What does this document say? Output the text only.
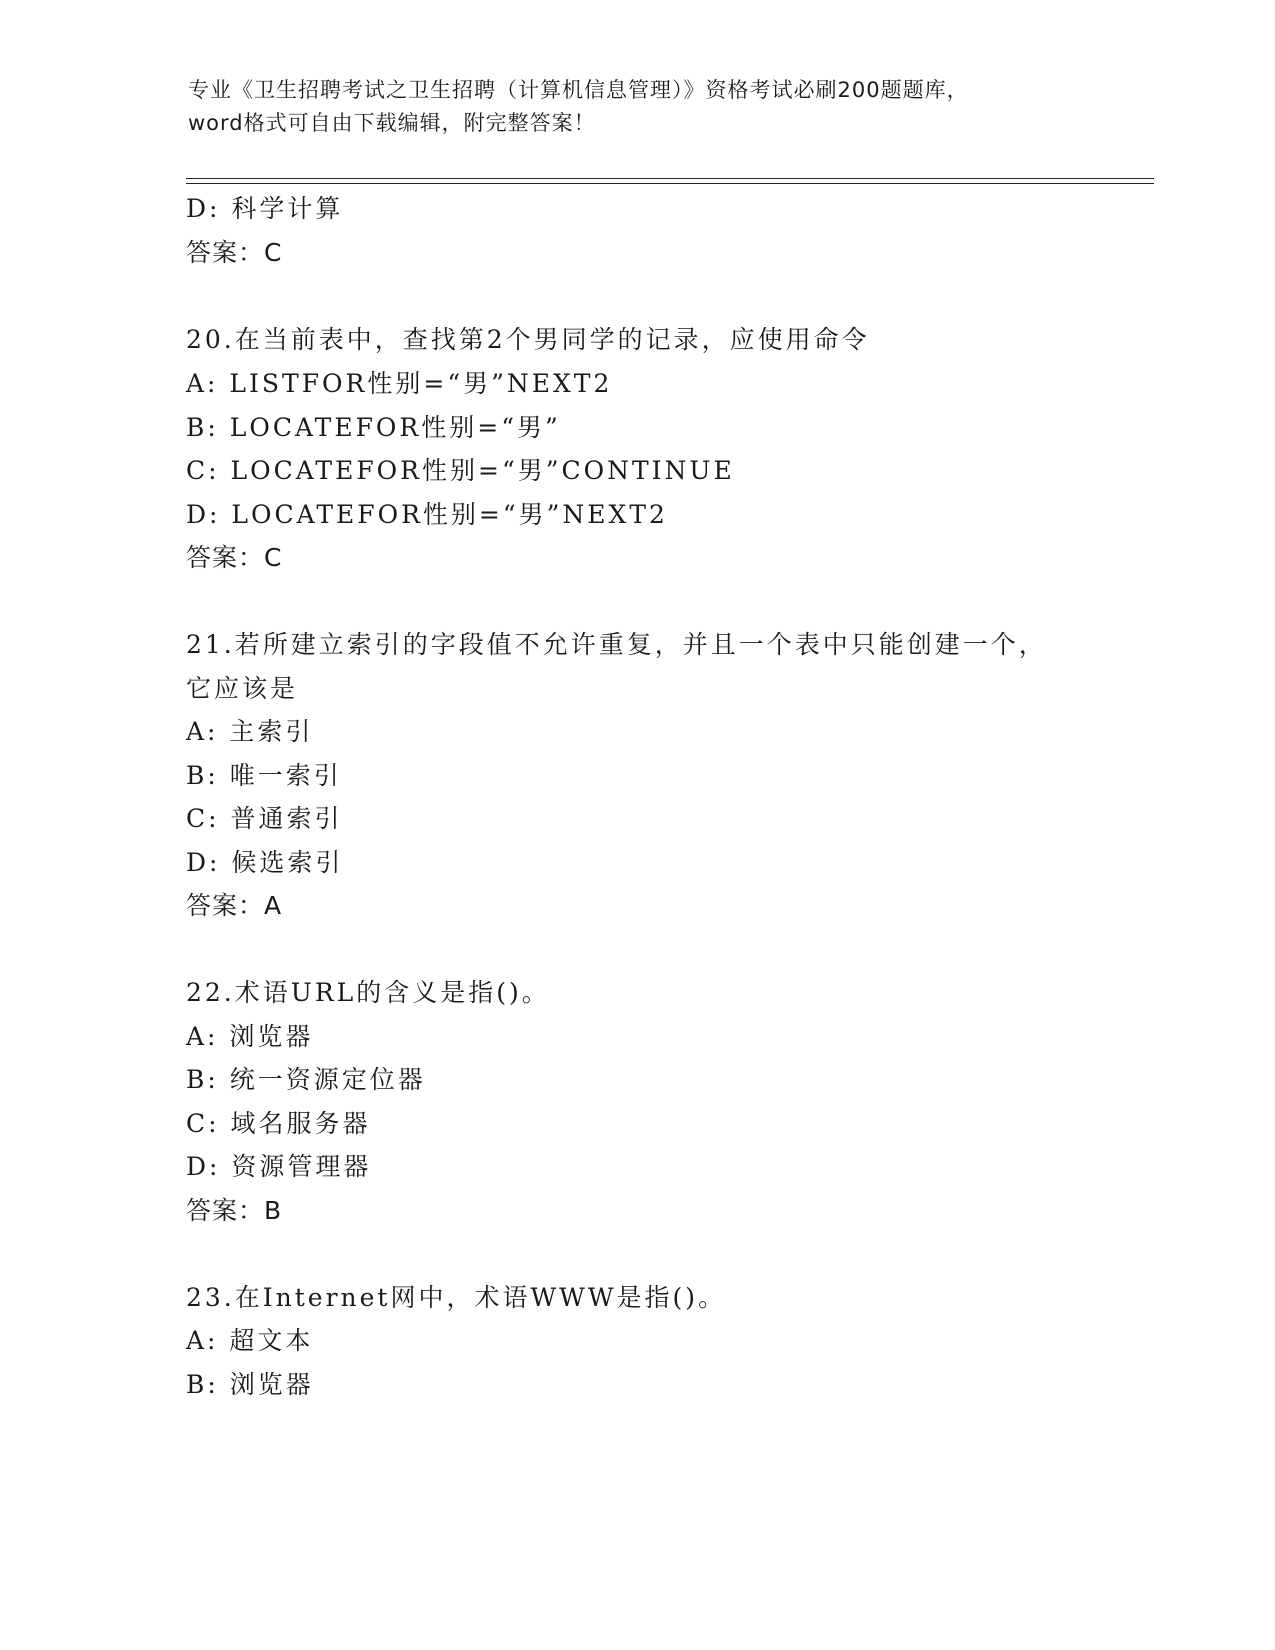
专业《卫生招聘考试之卫生招聘（计算机信息管理）》资格考试必刷200题题库，
word格式可自由下载编辑，附完整答案！
D: 科学计算
答案：C
20.在当前表中，查找第2个男同学的记录，应使用命令
A: LISTFOR性别=“男”NEXT2
B: LOCATEFOR性别=“男”
C: LOCATEFOR性别=“男”CONTINUE
D: LOCATEFOR性别=“男”NEXT2
答案：C
21.若所建立索引的字段值不允许重复，并且一个表中只能创建一个，
它应该是
A: 主索引
B: 唯一索引
C: 普通索引
D: 候选索引
答案：A
22.术语URL的含义是指()。
A: 浏览器
B: 统一资源定位器
C: 域名服务器
D: 资源管理器
答案：B
23.在Internet网中，术语WWW是指()。
A: 超文本
B: 浏览器
